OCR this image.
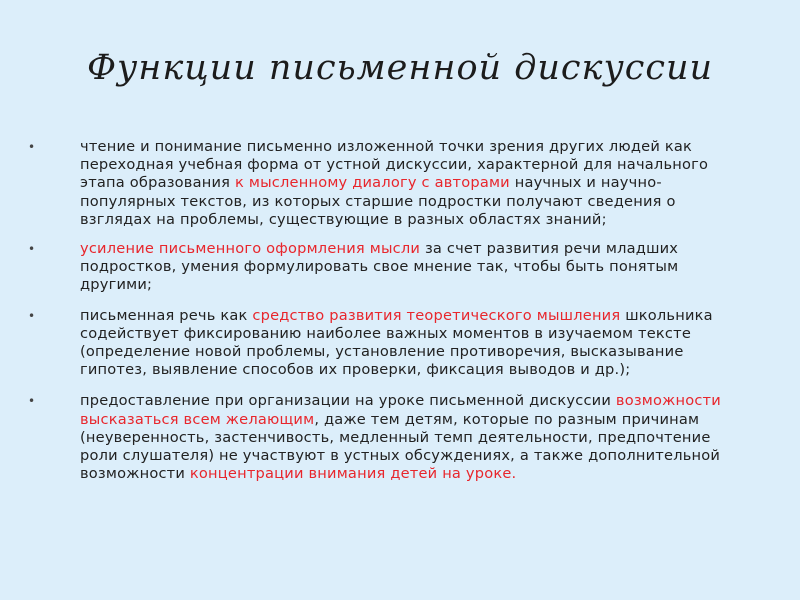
Функции письменной дискуссии
•	чтение и понимание письменно изложенной точки зрения других людей как переходная учебная форма от устной дискуссии, характерной для начального этапа образования к мысленному диалогу с авторами научных и научно-популярных текстов, из которых старшие подростки получают сведения о взглядах на проблемы, существующие в разных областях знаний;
•	усиление письменного оформления мысли за счет развития речи младших подростков, умения формулировать свое мнение так, чтобы быть понятым другими;
•	письменная речь как средство развития теоретического мышления школьника содействует фиксированию наиболее важных моментов в изучаемом тексте (определение новой проблемы, установление противоречия, высказывание гипотез, выявление способов их проверки, фиксация выводов и др.);
•	предоставление при организации на уроке письменной дискуссии возможности высказаться всем желающим, даже тем детям, которые по разным причинам (неуверенность, застенчивость, медленный темп деятельности, предпочтение роли слушателя) не участвуют в устных обсуждениях, а также дополнительной возможности концентрации внимания детей на уроке.
